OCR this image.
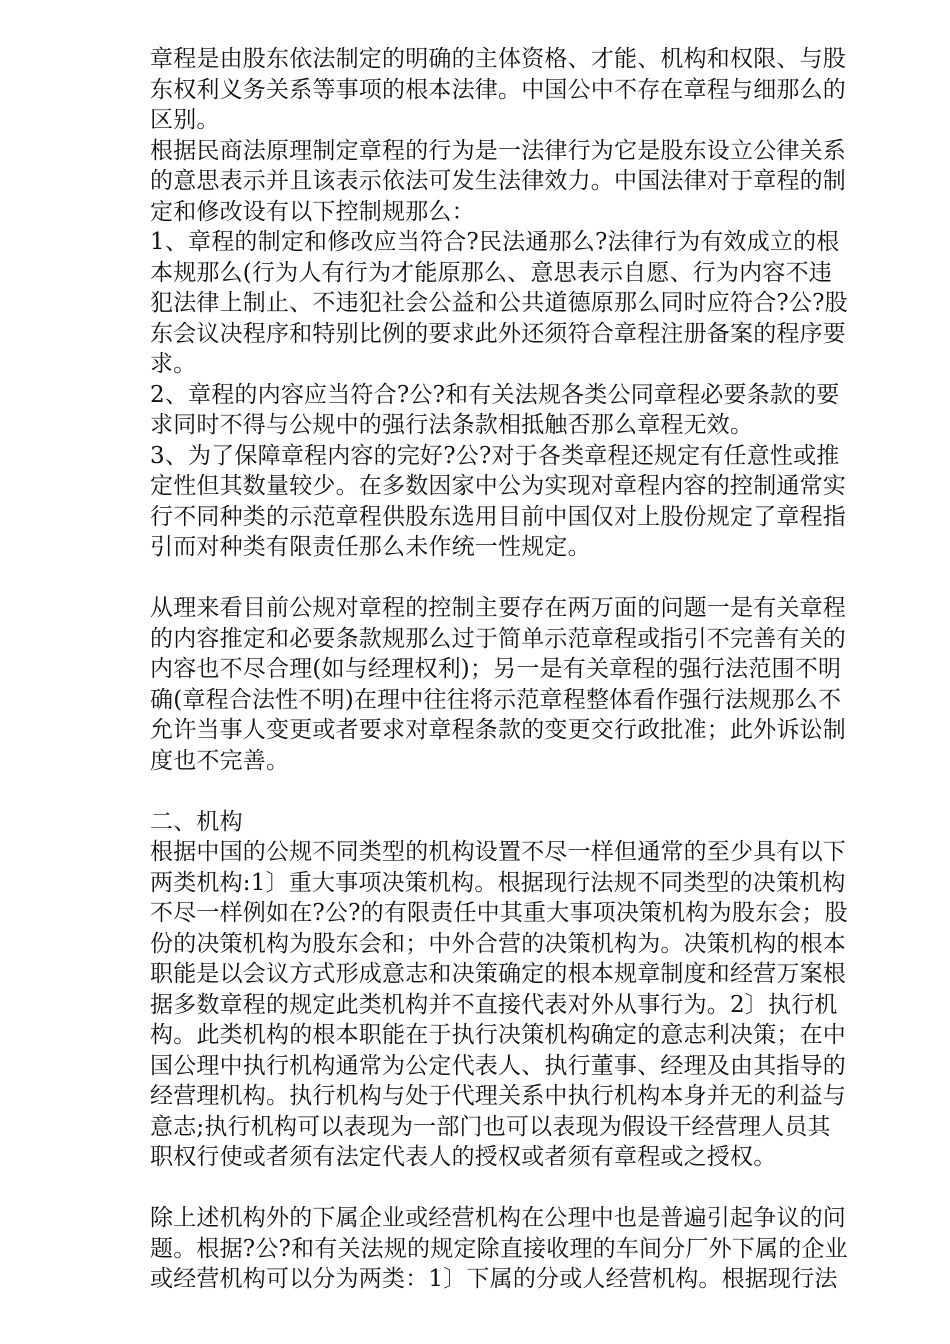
章程是由股东依法制定的明确的主体资格、才能、机构和权限、与股
东权利义务关系等事项的根本法律。中国公中不存在章程与细那么的
区别。
根据民商法原理制定章程的行为是一法律行为它是股东设立公律关系
的意思表示并且该表示依法可发生法律效力。中国法律对于章程的制
定和修改设有以下控制规那么：
1、章程的制定和修改应当符合?民法通那么?法律行为有效成立的根
本规那么(行为人有行为才能原那么、意思表示自愿、行为内容不违
犯法律上制止、不违犯社会公益和公共道德原那么同时应符合?公?股
东会议决程序和特别比例的要求此外还须符合章程注册备案的程序要
求。
2、章程的内容应当符合?公?和有关法规各类公同章程必要条款的要
求同时不得与公规中的强行法条款相抵触否那么章程无效。
3、为了保障章程内容的完好?公?对于各类章程还规定有任意性或推
定性但其数量较少。在多数因家中公为实现对章程内容的控制通常实
行不同种类的示范章程供股东选用目前中国仅对上股份规定了章程指
引而对种类有限责任那么未作统一性规定。
从理来看目前公规对章程的控制主要存在两万面的问题一是有关章程
的内容推定和必要条款规那么过于简单示范章程或指引不完善有关的
内容也不尽合理(如与经理权利)；另一是有关章程的强行法范围不明
确(章程合法性不明)在理中往往将示范章程整体看作强行法规那么不
允许当事人变更或者要求对章程条款的变更交行政批准；此外诉讼制
度也不完善。
二、机构
根据中国的公规不同类型的机构设置不尽一样但通常的至少具有以下
两类机构:1〕重大事项决策机构。根据现行法规不同类型的决策机构
不尽一样例如在?公?的有限责任中其重大事项决策机构为股东会；股
份的决策机构为股东会和；中外合营的决策机构为。决策机构的根本
职能是以会议方式形成意志和决策确定的根本规章制度和经营万案根
据多数章程的规定此类机构并不直接代表对外从事行为。2〕执行机
构。此类机构的根本职能在于执行决策机构确定的意志利决策；在中
国公理中执行机构通常为公定代表人、执行董事、经理及由其指导的
经营理机构。执行机构与处于代理关系中执行机构本身并无的利益与
意志;执行机构可以表现为一部门也可以表现为假设干经营理人员其
职权行使或者须有法定代表人的授权或者须有章程或之授权。
除上述机构外的下属企业或经营机构在公理中也是普遍引起争议的问
题。根据?公?和有关法规的规定除直接收理的车间分厂外下属的企业
或经营机构可以分为两类：1〕下属的分或人经营机构。根据现行法
